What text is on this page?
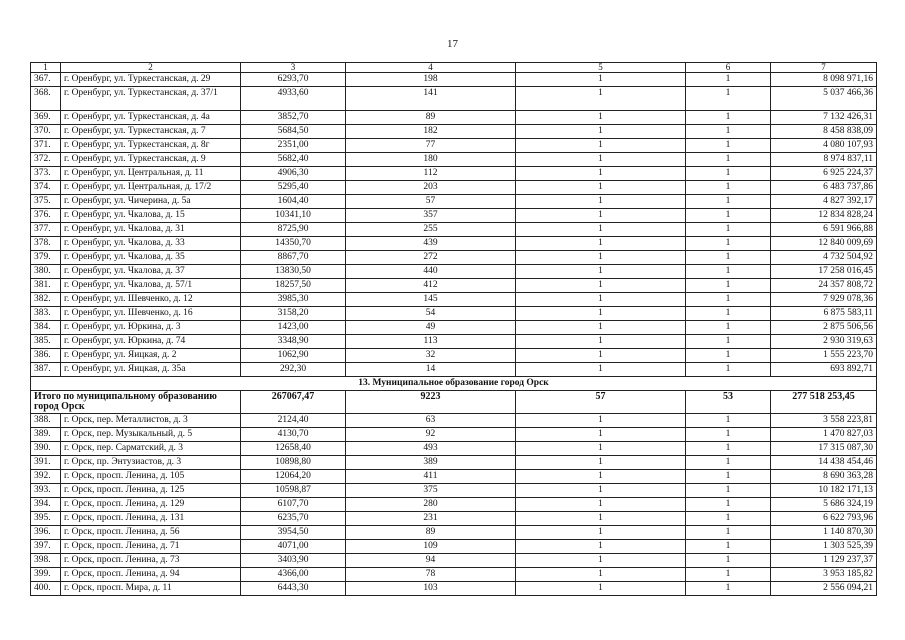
17
1	2	3	4	5	6	7
367.	г. Оренбург, ул. Туркестанская, д. 29	6293,70	198	1	1	8 098 971,16
368.	г. Оренбург, ул. Туркестанская, д. 37/1	4933,60	141	1	1	5 037 466,36
369.	г. Оренбург, ул. Туркестанская, д. 4а	3852,70	89	1	1	7 132 426,31
370.	г. Оренбург, ул. Туркестанская, д. 7	5684,50	182	1	1	8 458 838,09
371.	г. Оренбург, ул. Туркестанская, д. 8г	2351,00	77	1	1	4 080 107,93
372.	г. Оренбург, ул. Туркестанская, д. 9	5682,40	180	1	1	8 974 837,11
373.	г. Оренбург, ул. Центральная, д. 11	4906,30	112	1	1	6 925 224,37
374.	г. Оренбург, ул. Центральная, д. 17/2	5295,40	203	1	1	6 483 737,86
375.	г. Оренбург, ул. Чичерина, д. 5а	1604,40	57	1	1	4 827 392,17
376.	г. Оренбург, ул. Чкалова, д. 15	10341,10	357	1	1	12 834 828,24
377.	г. Оренбург, ул. Чкалова, д. 31	8725,90	255	1	1	6 591 966,88
378.	г. Оренбург, ул. Чкалова, д. 33	14350,70	439	1	1	12 840 009,69
379.	г. Оренбург, ул. Чкалова, д. 35	8867,70	272	1	1	4 732 504,92
380.	г. Оренбург, ул. Чкалова, д. 37	13830,50	440	1	1	17 258 016,45
381.	г. Оренбург, ул. Чкалова, д. 57/1	18257,50	412	1	1	24 357 808,72
382.	г. Оренбург, ул. Шевченко, д. 12	3985,30	145	1	1	7 929 078,36
383.	г. Оренбург, ул. Шевченко, д. 16	3158,20	54	1	1	6 875 583,11
384.	г. Оренбург, ул. Юркина, д. 3	1423,00	49	1	1	2 875 506,56
385.	г. Оренбург, ул. Юркина, д. 74	3348,90	113	1	1	2 930 319,63
386.	г. Оренбург, ул. Яицкая, д. 2	1062,90	32	1	1	1 555 223,70
387.	г. Оренбург, ул. Яицкая, д. 35а	292,30	14	1	1	693 892,71
13. Муниципальное образование город Орск						
Итого по муниципальному образованию город Орск		267067,47	9223	57	53	277 518 253,45
388.	г. Орск, пер. Металлистов, д. 3	2124,40	63	1	1	3 558 223,81
389.	г. Орск, пер. Музыкальный, д. 5	4130,70	92	1	1	1 470 827,03
390.	г. Орск, пер. Сарматский, д. 3	12658,40	493	1	1	17 315 087,30
391.	г. Орск, пр. Энтузиастов, д. 3	10898,80	389	1	1	14 438 454,46
392.	г. Орск, просп. Ленина, д. 105	12064,20	411	1	1	8 690 363,28
393.	г. Орск, просп. Ленина, д. 125	10598,87	375	1	1	10 182 171,13
394.	г. Орск, просп. Ленина, д. 129	6107,70	280	1	1	5 686 324,19
395.	г. Орск, просп. Ленина, д. 131	6235,70	231	1	1	6 622 793,96
396.	г. Орск, просп. Ленина, д. 56	3954,50	89	1	1	1 140 870,30
397.	г. Орск, просп. Ленина, д. 71	4071,00	109	1	1	1 303 525,39
398.	г. Орск, просп. Ленина, д. 73	3403,90	94	1	1	1 129 237,37
399.	г. Орск, просп. Ленина, д. 94	4366,00	78	1	1	3 953 185,82
400.	г. Орск, просп. Мира, д. 11	6443,30	103	1	1	2 556 094,21
